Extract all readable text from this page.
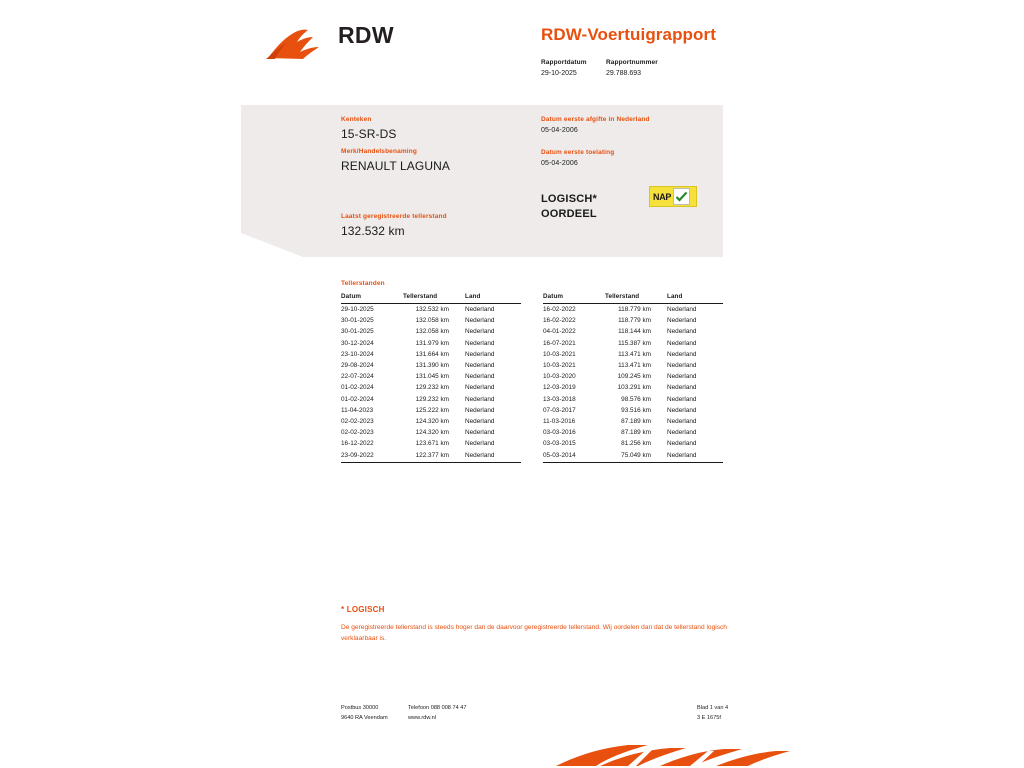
RDW	RDW-Voertuigrapport
Rapportdatum
29-10-2025
Rapportnummer
29.788.693
Kenteken
15-SR-DS
Merk/Handelsbenaming
RENAULT LAGUNA
Laatst geregistreerde tellerstand
132.532 km
Datum eerste afgifte in Nederland
05-04-2006
Datum eerste toelating
05-04-2006
LOGISCH*
OORDEEL
NAP
Tellerstanden
Datum	Tellerstand	Land
29-10-2025	132.532 km	Nederland
30-01-2025	132.058 km	Nederland
30-01-2025	132.058 km	Nederland
30-12-2024	131.979 km	Nederland
23-10-2024	131.664 km	Nederland
29-08-2024	131.390 km	Nederland
22-07-2024	131.045 km	Nederland
01-02-2024	129.232 km	Nederland
01-02-2024	129.232 km	Nederland
11-04-2023	125.222 km	Nederland
02-02-2023	124.320 km	Nederland
02-02-2023	124.320 km	Nederland
16-12-2022	123.671 km	Nederland
23-09-2022	122.377 km	Nederland
Datum	Tellerstand	Land
16-02-2022	118.779 km	Nederland
16-02-2022	118.779 km	Nederland
04-01-2022	118.144 km	Nederland
16-07-2021	115.387 km	Nederland
10-03-2021	113.471 km	Nederland
10-03-2021	113.471 km	Nederland
10-03-2020	109.245 km	Nederland
12-03-2019	103.291 km	Nederland
13-03-2018	98.576 km	Nederland
07-03-2017	93.516 km	Nederland
11-03-2016	87.189 km	Nederland
03-03-2016	87.189 km	Nederland
03-03-2015	81.256 km	Nederland
05-03-2014	75.049 km	Nederland
* LOGISCH
De geregistreerde tellerstand is steeds hoger dan de daarvoor geregistreerde tellerstand. Wij oordelen dan dat de tellerstand logisch verklaarbaar is.
Postbus 30000
9640 RA Veendam
Telefoon 088 008 74 47
www.rdw.nl
Blad 1 van 4
3 E 1675f
